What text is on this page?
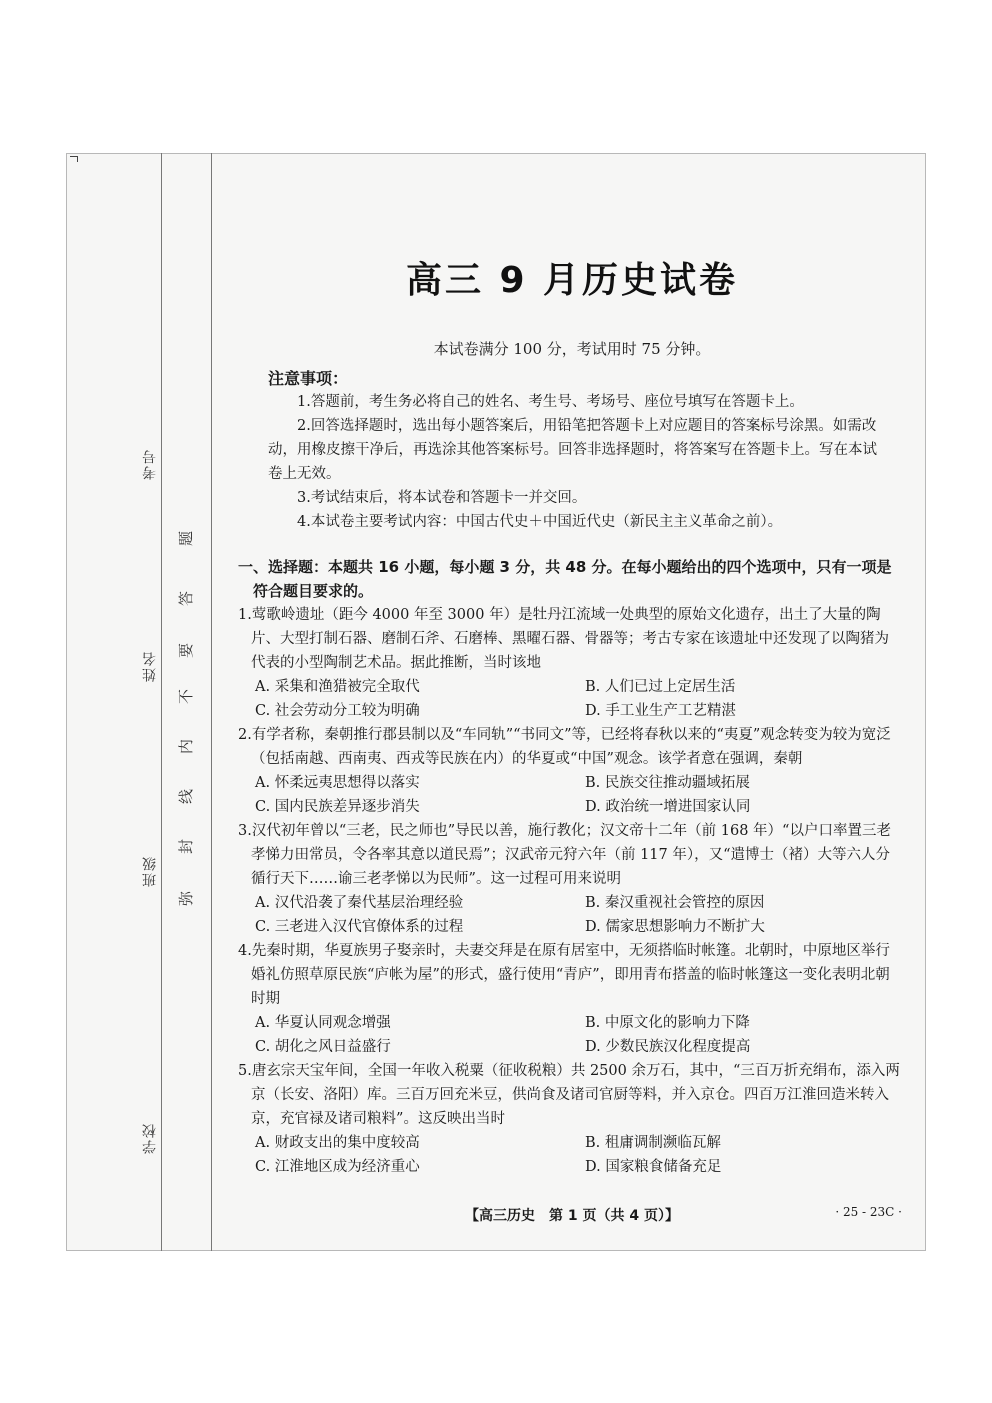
考号
姓名
班级
学校
题
答
要
不
内
线
封
弥
高三 9 月历史试卷
本试卷满分 100 分，考试用时 75 分钟。
注意事项：
1.答题前，考生务必将自己的姓名、考生号、考场号、座位号填写在答题卡上。
2.回答选择题时，选出每小题答案后，用铅笔把答题卡上对应题目的答案标号涂黑。如需改动，用橡皮擦干净后，再选涂其他答案标号。回答非选择题时，将答案写在答题卡上。写在本试卷上无效。
3.考试结束后，将本试卷和答题卡一并交回。
4.本试卷主要考试内容：中国古代史＋中国近代史（新民主主义革命之前）。
一、选择题：本题共 16 小题，每小题 3 分，共 48 分。在每小题给出的四个选项中，只有一项是符合题目要求的。
1.莺歌岭遗址（距今 4000 年至 3000 年）是牡丹江流域一处典型的原始文化遗存，出土了大量的陶片、大型打制石器、磨制石斧、石磨棒、黑曜石器、骨器等；考古专家在该遗址中还发现了以陶猪为代表的小型陶制艺术品。据此推断，当时该地
A. 采集和渔猎被完全取代	B. 人们已过上定居生活
C. 社会劳动分工较为明确	D. 手工业生产工艺精湛
2.有学者称，秦朝推行郡县制以及“车同轨”“书同文”等，已经将春秋以来的“夷夏”观念转变为较为宽泛（包括南越、西南夷、西戎等民族在内）的华夏或“中国”观念。该学者意在强调，秦朝
A. 怀柔远夷思想得以落实	B. 民族交往推动疆域拓展
C. 国内民族差异逐步消失	D. 政治统一增进国家认同
3.汉代初年曾以“三老，民之师也”导民以善，施行教化；汉文帝十二年（前 168 年）“以户口率置三老孝悌力田常员，令各率其意以道民焉”；汉武帝元狩六年（前 117 年），又“遣博士（褚）大等六人分循行天下……谕三老孝悌以为民师”。这一过程可用来说明
A. 汉代沿袭了秦代基层治理经验	B. 秦汉重视社会管控的原因
C. 三老进入汉代官僚体系的过程	D. 儒家思想影响力不断扩大
4.先秦时期，华夏族男子娶亲时，夫妻交拜是在原有居室中，无须搭临时帐篷。北朝时，中原地区举行婚礼仿照草原民族“庐帐为屋”的形式，盛行使用“青庐”，即用青布搭盖的临时帐篷这一变化表明北朝时期
A. 华夏认同观念增强	B. 中原文化的影响力下降
C. 胡化之风日益盛行	D. 少数民族汉化程度提高
5.唐玄宗天宝年间，全国一年收入税粟（征收税粮）共 2500 余万石，其中，“三百万折充绢布，添入两京（长安、洛阳）库。三百万回充米豆，供尚食及诸司官厨等料，并入京仓。四百万江淮回造米转入京，充官禄及诸司粮料”。这反映出当时
A. 财政支出的集中度较高	B. 租庸调制濒临瓦解
C. 江淮地区成为经济重心	D. 国家粮食储备充足
【高三历史　第 1 页（共 4 页）】	· 25 - 23C ·
